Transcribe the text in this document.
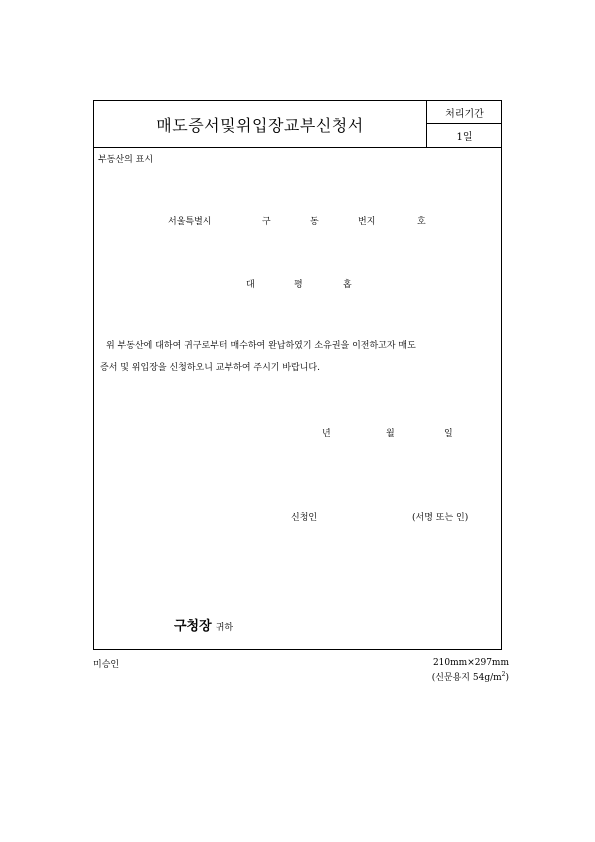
매도증서및위입장교부신청서
처리기간
1일
부동산의 표시
서울특별시	구	동	번지	호
대	평	홉
위 부동산에 대하여 귀구로부터 매수하여 완납하였기 소유권을 이전하고자 매도
증서 및 위입장을 신청하오니 교부하여 주시기 바랍니다.
년	월	일
신청인	(서명 또는 인)
구청장 귀하
미승인	210mm×297mm
(신문용지 $54g/m^2$)
